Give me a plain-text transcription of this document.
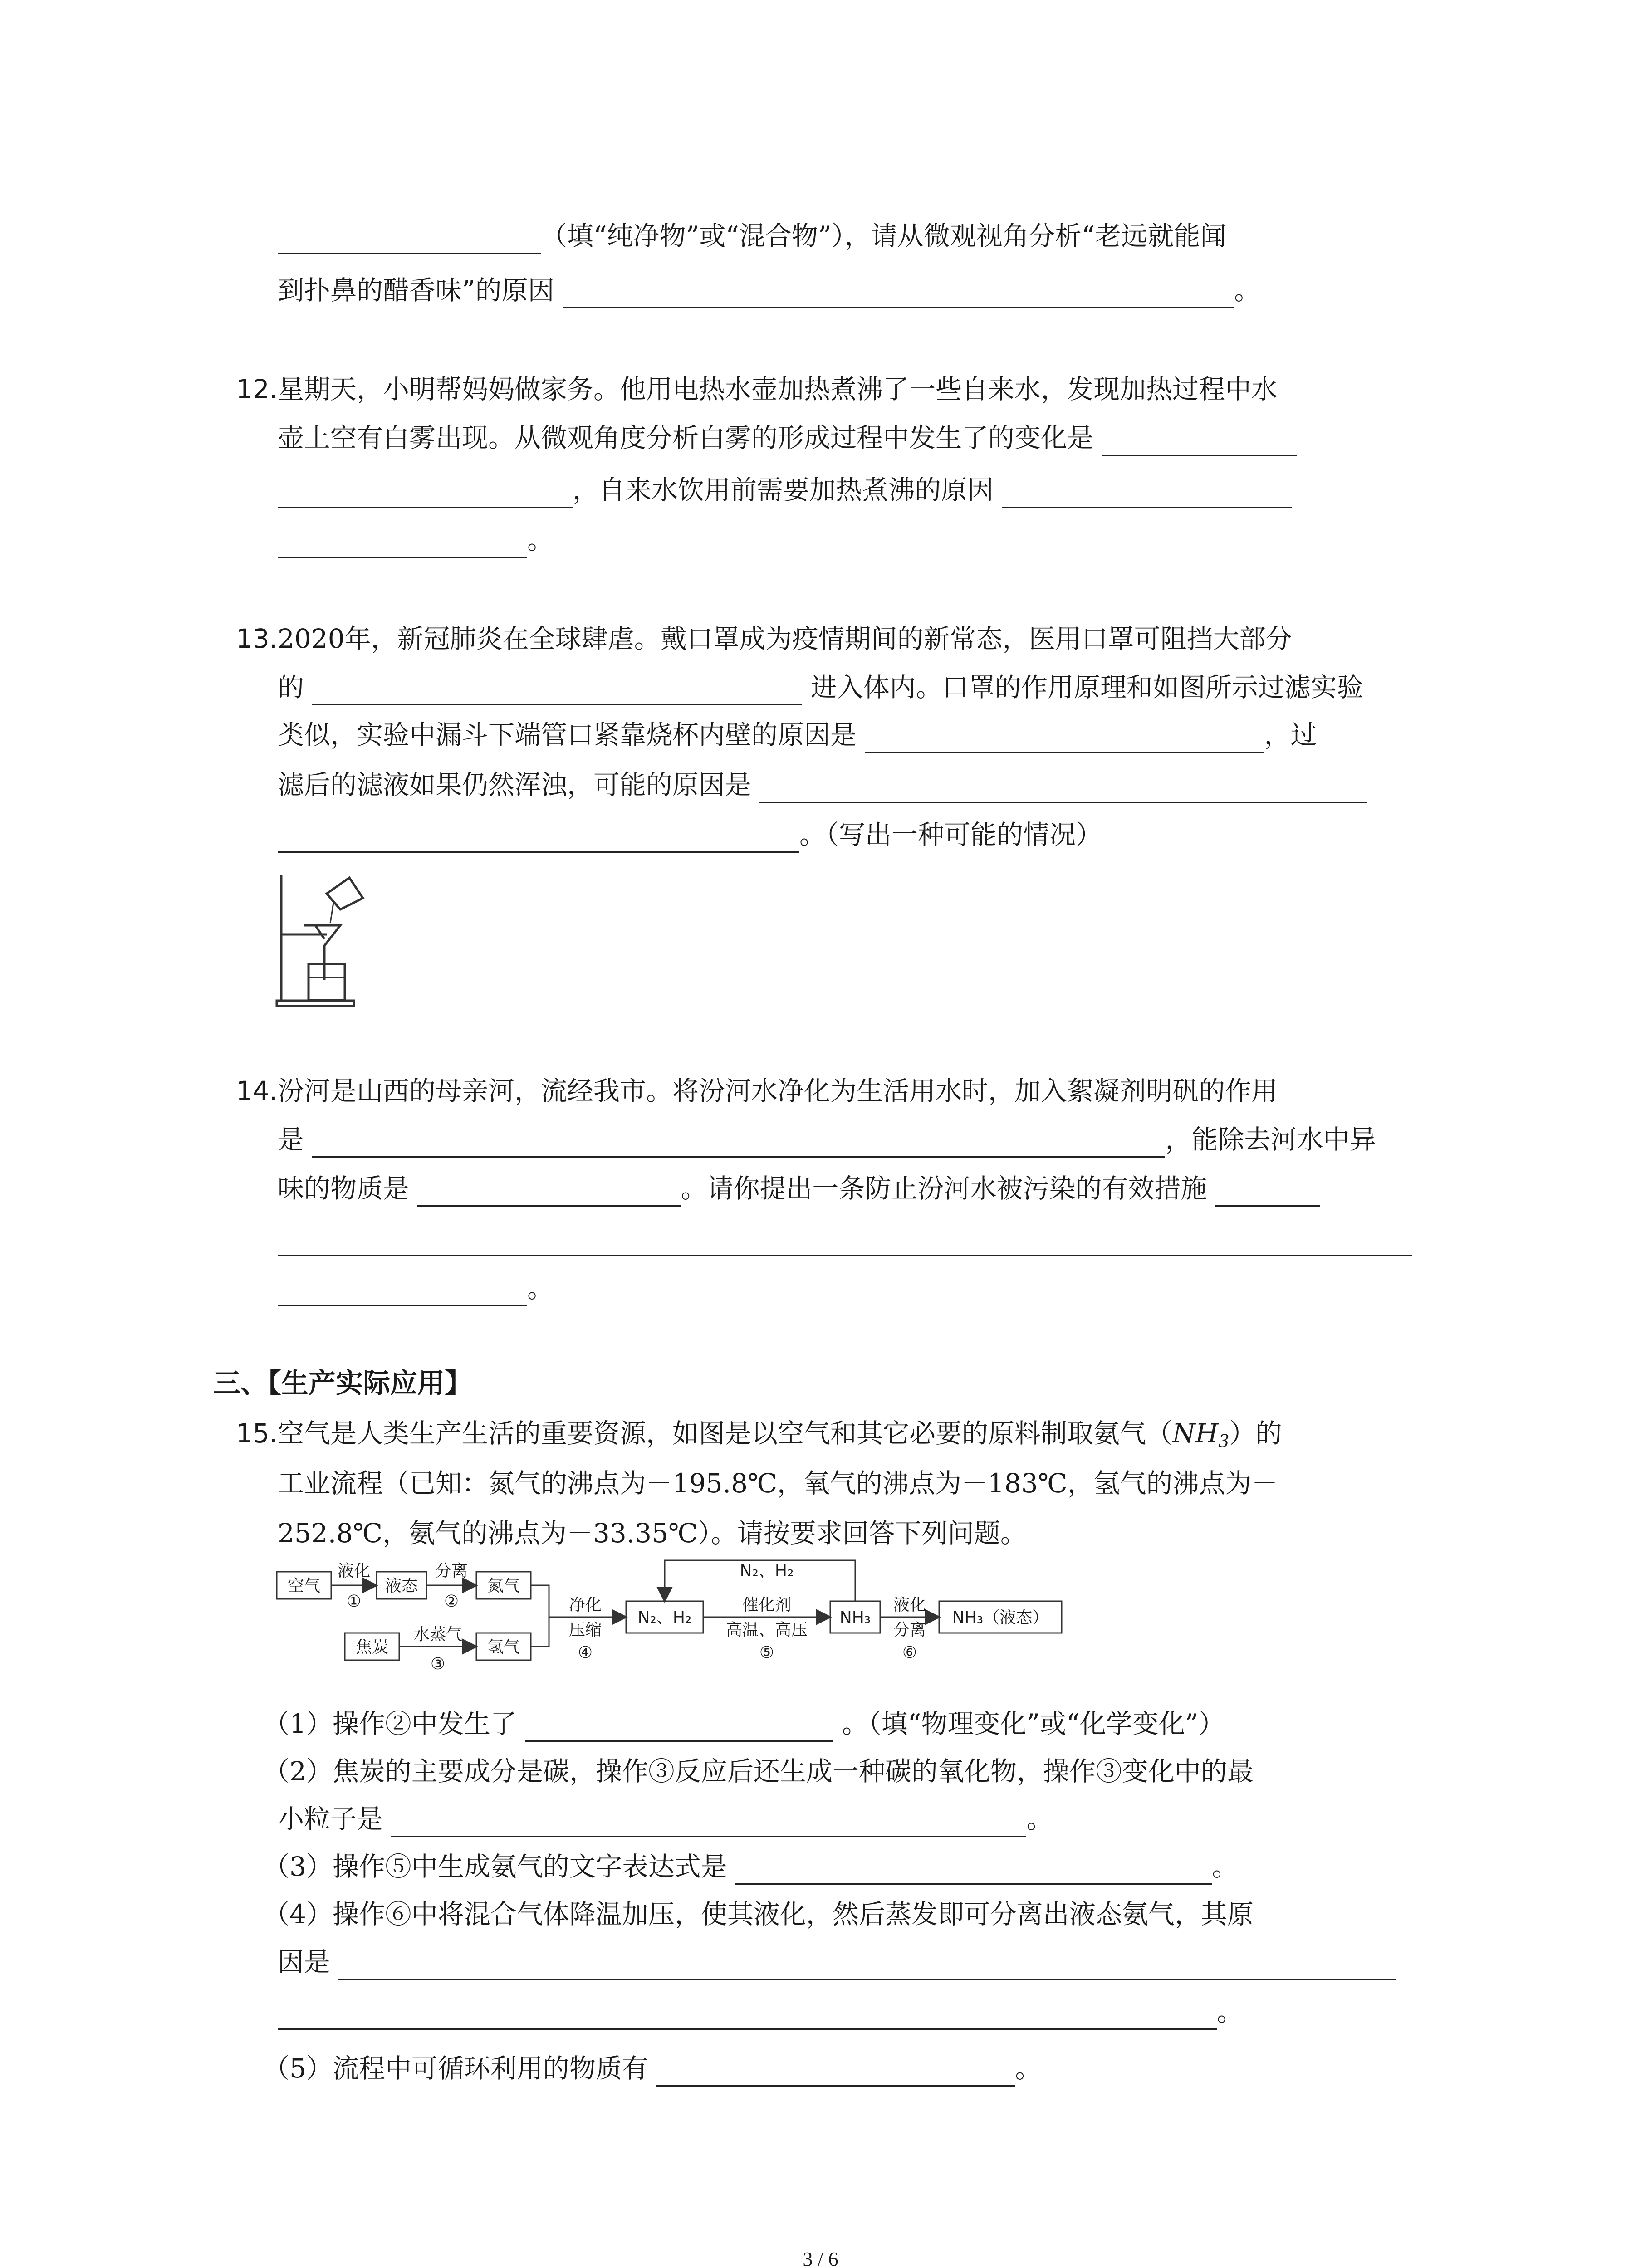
（填“纯净物”或“混合物”），请从微观视角分析“老远就能闻
到扑鼻的醋香味”的原因	。
12. 星期天，小明帮妈妈做家务。他用电热水壶加热煮沸了一些自来水，发现加热过程中水
壶上空有白雾出现。从微观角度分析白雾的形成过程中发生了的变化是
，自来水饮用前需要加热煮沸的原因
。
13. 2020年，新冠肺炎在全球肆虐。戴口罩成为疫情期间的新常态，医用口罩可阻挡大部分
的	进入体内。口罩的作用原理和如图所示过滤实验
类似，实验中漏斗下端管口紧靠烧杯内壁的原因是	，过
滤后的滤液如果仍然浑浊，可能的原因是
。（写出一种可能的情况）
14. 汾河是山西的母亲河，流经我市。将汾河水净化为生活用水时，加入絮凝剂明矾的作用
是	，能除去河水中异
味的物质是	。请你提出一条防止汾河水被污染的有效措施
。
三、【生产实际应用】
15. 空气是人类生产生活的重要资源，如图是以空气和其它必要的原料制取氨气$(NH_3)$的
工业流程（已知：氮气的沸点为－195.8℃，氧气的沸点为－183℃，氢气的沸点为－
252.8℃，氨气的沸点为－33.35℃）。请按要求回答下列问题。
空气
液化
①
液态
分离
②
氮气
焦炭
水蒸气
③
氢气
净化
压缩
④
N₂、H₂
N₂、H₂
催化剂
高温、高压
⑤
NH₃
液化
分离
⑥
NH₃（液态）
（1）操作②中发生了	。（填“物理变化”或“化学变化”）
（2）焦炭的主要成分是碳，操作③反应后还生成一种碳的氧化物，操作③变化中的最
小粒子是	。
（3）操作⑤中生成氨气的文字表达式是	。
（4）操作⑥中将混合气体降温加压，使其液化，然后蒸发即可分离出液态氨气，其原
因是
。
（5）流程中可循环利用的物质有	。
3 / 6
